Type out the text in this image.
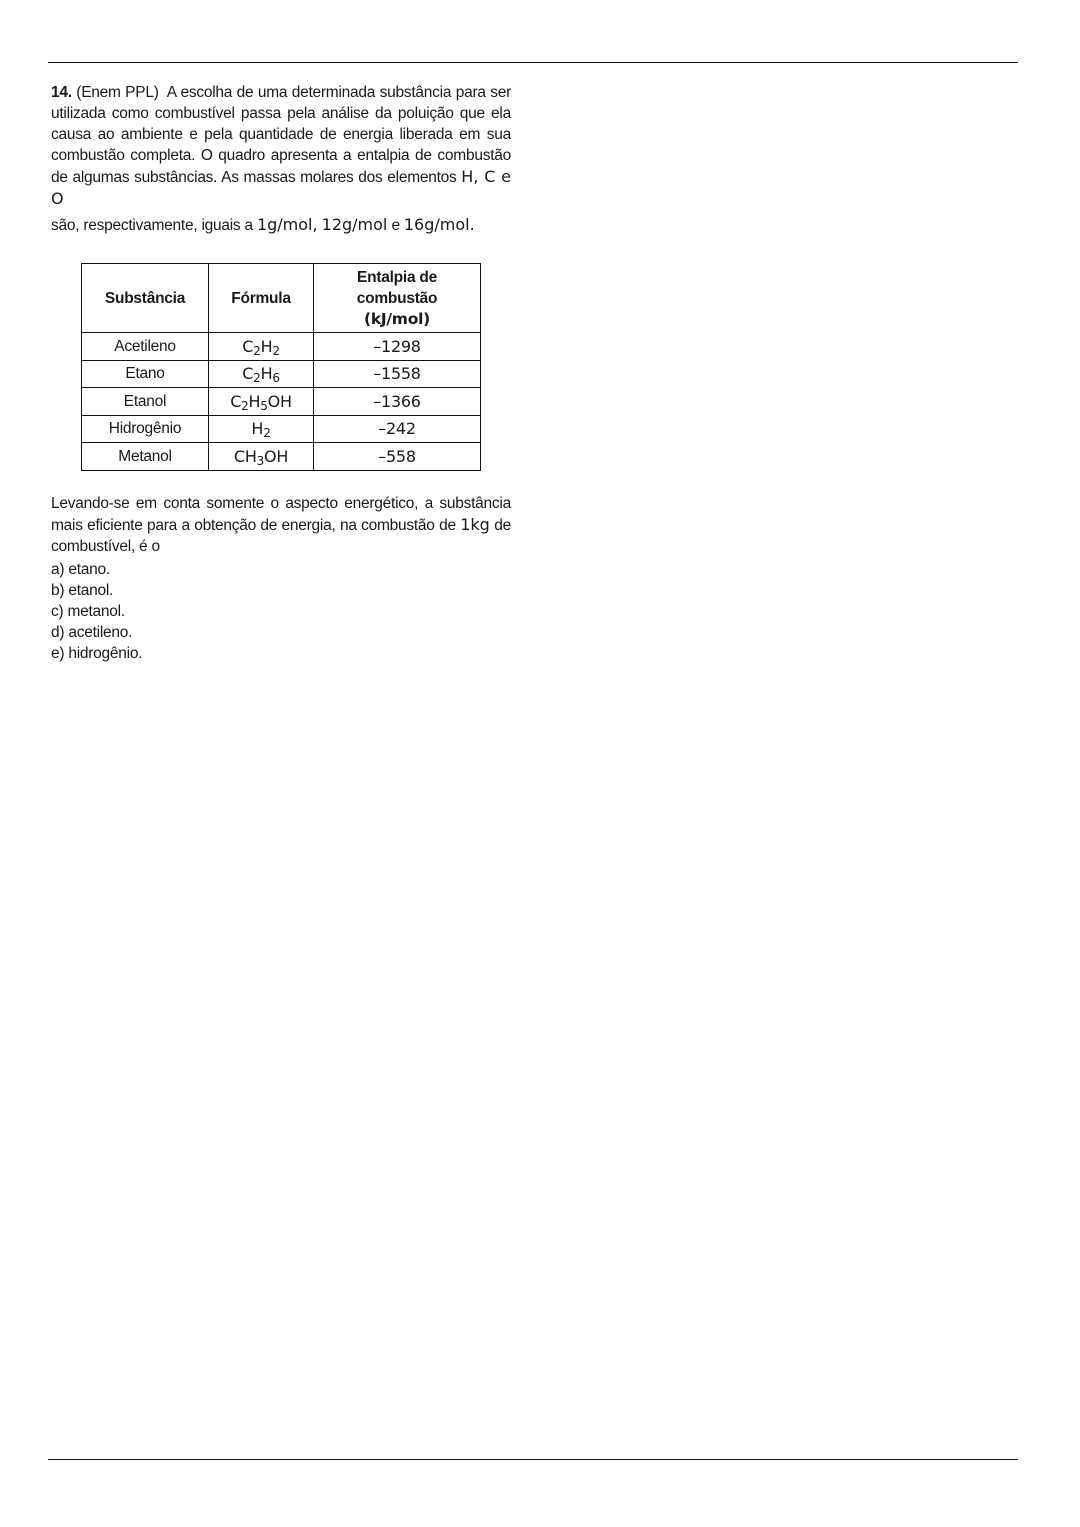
14. (Enem PPL) A escolha de uma determinada substância para ser utilizada como combustível passa pela análise da poluição que ela causa ao ambiente e pela quantidade de energia liberada em sua combustão completa. O quadro apresenta a entalpia de combustão de algumas substâncias. As massas molares dos elementos H, C e O
são, respectivamente, iguais a 1g/mol, 12g/mol e 16g/mol.

Substância	Fórmula	Entalpia de
combustão
(kJ/mol)
Acetileno	$C_2H_2$	–1298
Etano	$C_2H_6$	–1558
Etanol	$C_2H_5OH$	–1366
Hidrogênio	$H_2$	–242
Metanol	$CH_3OH$	–558

Levando-se em conta somente o aspecto energético, a substância mais eficiente para a obtenção de energia, na combustão de 1kg de combustível, é o

a) etano.
b) etanol.
c) metanol.
d) acetileno.
e) hidrogênio.
